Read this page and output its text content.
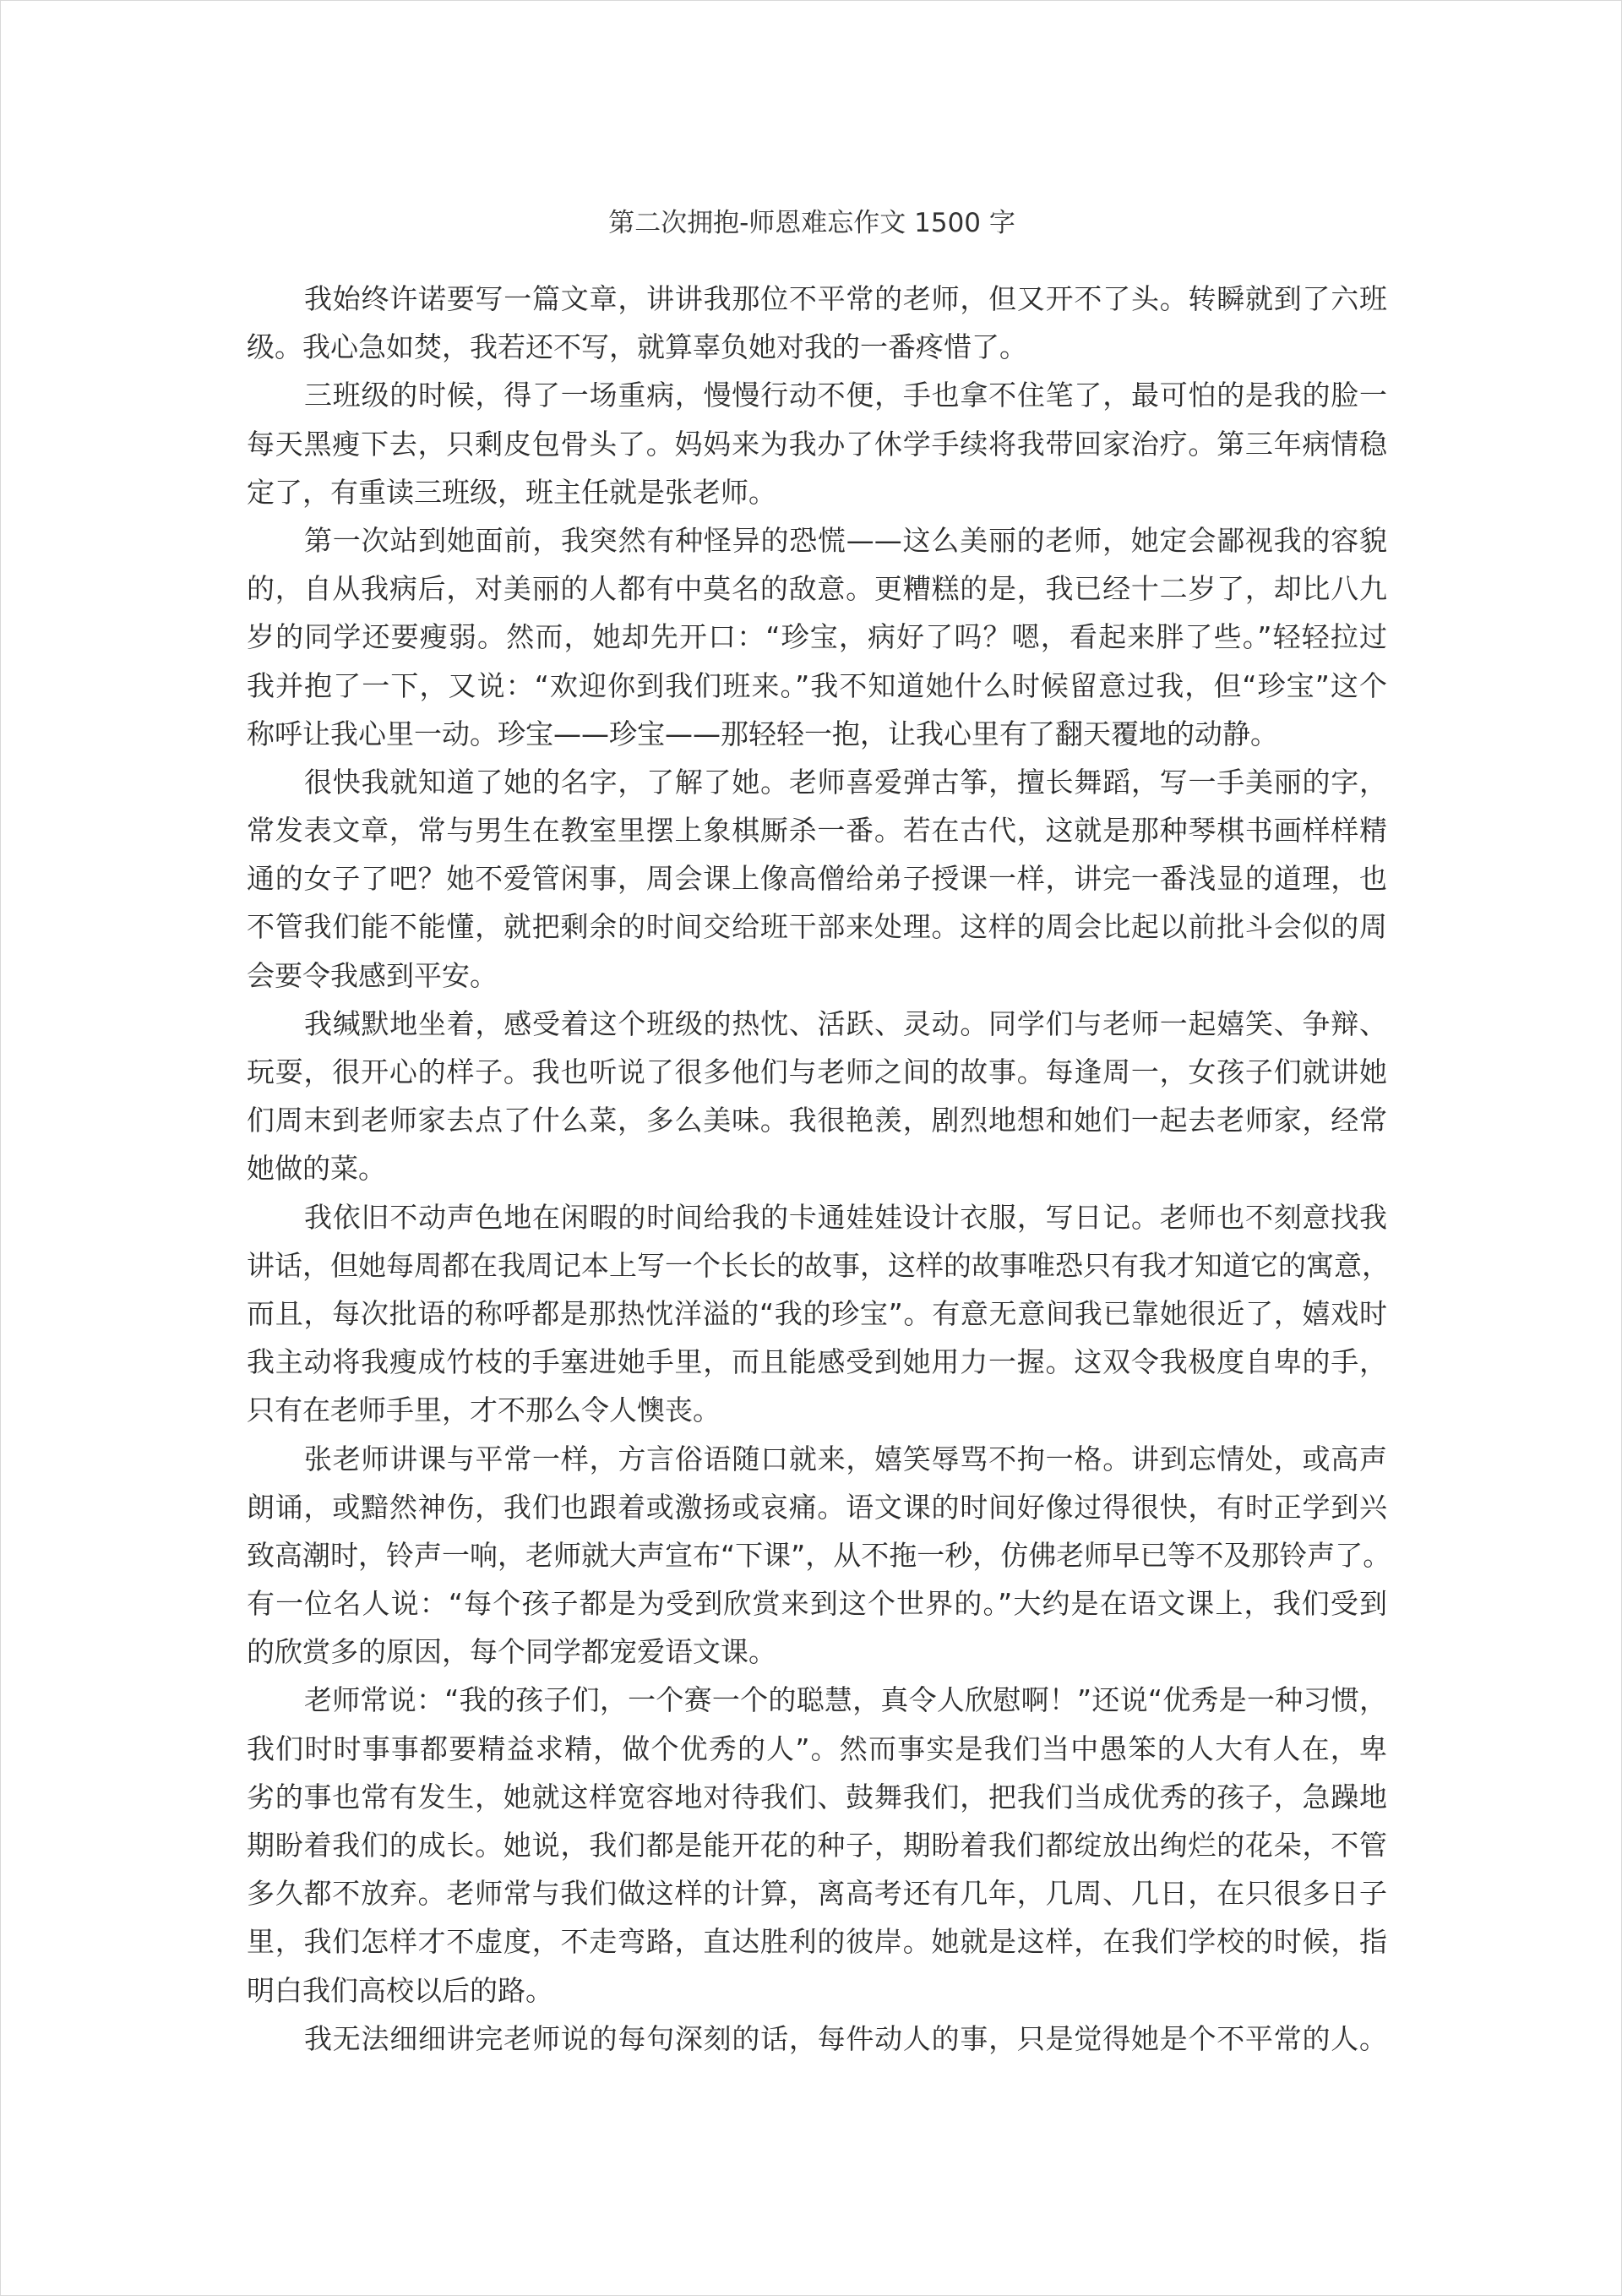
第二次拥抱-师恩难忘作文 1500 字
我始终许诺要写一篇文章，讲讲我那位不平常的老师，但又开不了头。转瞬就到了六班
级。我心急如焚，我若还不写，就算辜负她对我的一番疼惜了。
三班级的时候，得了一场重病，慢慢行动不便，手也拿不住笔了，最可怕的是我的脸一
每天黑瘦下去，只剩皮包骨头了。妈妈来为我办了休学手续将我带回家治疗。第三年病情稳
定了，有重读三班级，班主任就是张老师。
第一次站到她面前，我突然有种怪异的恐慌——这么美丽的老师，她定会鄙视我的容貌
的，自从我病后，对美丽的人都有中莫名的敌意。更糟糕的是，我已经十二岁了，却比八九
岁的同学还要瘦弱。然而，她却先开口：“珍宝，病好了吗？嗯，看起来胖了些。”轻轻拉过
我并抱了一下，又说：“欢迎你到我们班来。”我不知道她什么时候留意过我，但“珍宝”这个
称呼让我心里一动。珍宝——珍宝——那轻轻一抱，让我心里有了翻天覆地的动静。
很快我就知道了她的名字，了解了她。老师喜爱弹古筝，擅长舞蹈，写一手美丽的字，
常发表文章，常与男生在教室里摆上象棋厮杀一番。若在古代，这就是那种琴棋书画样样精
通的女子了吧？她不爱管闲事，周会课上像高僧给弟子授课一样，讲完一番浅显的道理，也
不管我们能不能懂，就把剩余的时间交给班干部来处理。这样的周会比起以前批斗会似的周
会要令我感到平安。
我缄默地坐着，感受着这个班级的热忱、活跃、灵动。同学们与老师一起嬉笑、争辩、
玩耍，很开心的样子。我也听说了很多他们与老师之间的故事。每逢周一，女孩子们就讲她
们周末到老师家去点了什么菜，多么美味。我很艳羡，剧烈地想和她们一起去老师家，经常
她做的菜。
我依旧不动声色地在闲暇的时间给我的卡通娃娃设计衣服，写日记。老师也不刻意找我
讲话，但她每周都在我周记本上写一个长长的故事，这样的故事唯恐只有我才知道它的寓意，
而且，每次批语的称呼都是那热忱洋溢的“我的珍宝”。有意无意间我已靠她很近了，嬉戏时
我主动将我瘦成竹枝的手塞进她手里，而且能感受到她用力一握。这双令我极度自卑的手，
只有在老师手里，才不那么令人懊丧。
张老师讲课与平常一样，方言俗语随口就来，嬉笑辱骂不拘一格。讲到忘情处，或高声
朗诵，或黯然神伤，我们也跟着或激扬或哀痛。语文课的时间好像过得很快，有时正学到兴
致高潮时，铃声一响，老师就大声宣布“下课”，从不拖一秒，仿佛老师早已等不及那铃声了。
有一位名人说：“每个孩子都是为受到欣赏来到这个世界的。”大约是在语文课上，我们受到
的欣赏多的原因，每个同学都宠爱语文课。
老师常说：“我的孩子们，一个赛一个的聪慧，真令人欣慰啊！”还说“优秀是一种习惯，
我们时时事事都要精益求精，做个优秀的人”。然而事实是我们当中愚笨的人大有人在，卑
劣的事也常有发生，她就这样宽容地对待我们、鼓舞我们，把我们当成优秀的孩子，急躁地
期盼着我们的成长。她说，我们都是能开花的种子，期盼着我们都绽放出绚烂的花朵，不管
多久都不放弃。老师常与我们做这样的计算，离高考还有几年，几周、几日，在只很多日子
里，我们怎样才不虚度，不走弯路，直达胜利的彼岸。她就是这样，在我们学校的时候，指
明白我们高校以后的路。
我无法细细讲完老师说的每句深刻的话，每件动人的事，只是觉得她是个不平常的人。
